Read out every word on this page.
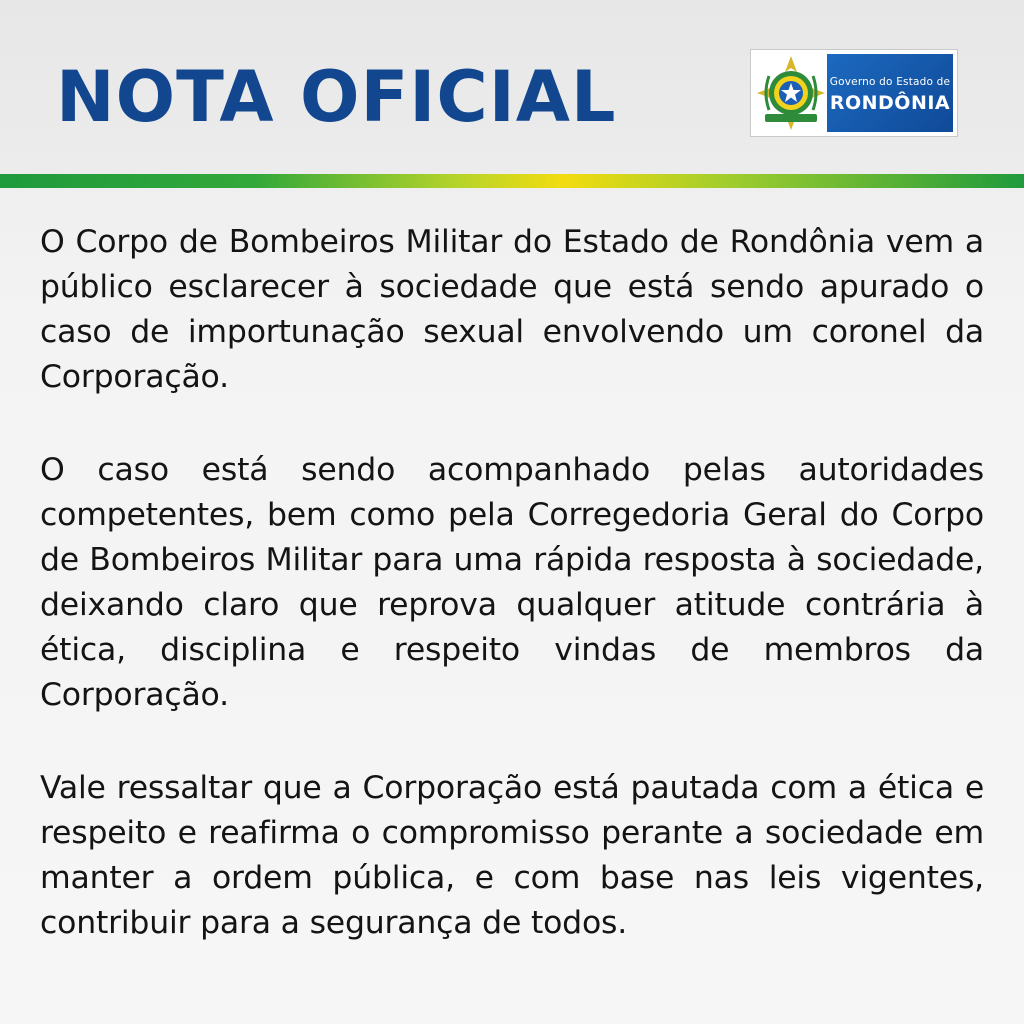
NOTA OFICIAL	Governo do Estado de
RONDÔNIA

O Corpo de Bombeiros Militar do Estado de Rondônia vem a público esclarecer à sociedade que está sendo apurado o caso de importunação sexual envolvendo um coronel da Corporação.

O caso está sendo acompanhado pelas autoridades competentes, bem como pela Corregedoria Geral do Corpo de Bombeiros Militar para uma rápida resposta à sociedade, deixando claro que reprova qualquer atitude contrária à ética, disciplina e respeito vindas de membros da Corporação.

Vale ressaltar que a Corporação está pautada com a ética e respeito e reafirma o compromisso perante a sociedade em manter a ordem pública, e com base nas leis vigentes, contribuir para a segurança de todos.
